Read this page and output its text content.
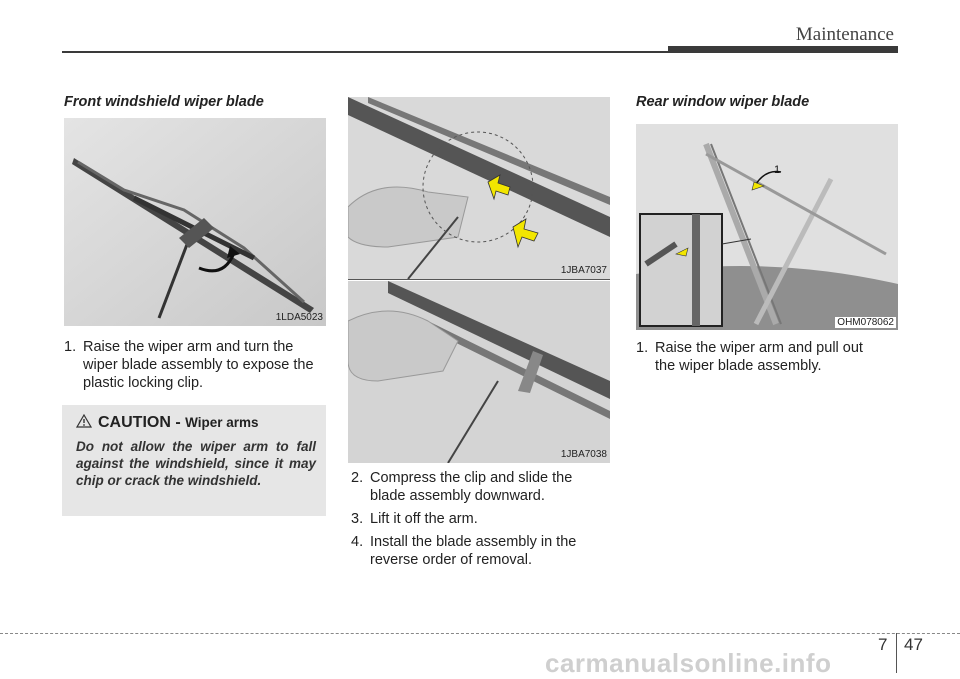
Maintenance
Front windshield wiper blade
1LDA5023
1. Raise the wiper arm and turn the
wiper blade assembly to expose the plastic locking clip.
CAUTION - Wiper arms
Do not allow the wiper arm to fall against the windshield, since it may chip or crack the windshield.
1JBA7037
1JBA7038
2. Compress the clip and slide the
blade assembly downward.
3. Lift it off the arm.
4. Install the blade assembly in the
reverse order of removal.
Rear window wiper blade
1
OHM078062
1. Raise the wiper arm and pull out
the wiper blade assembly.
7 47
carmanualsonline.info
